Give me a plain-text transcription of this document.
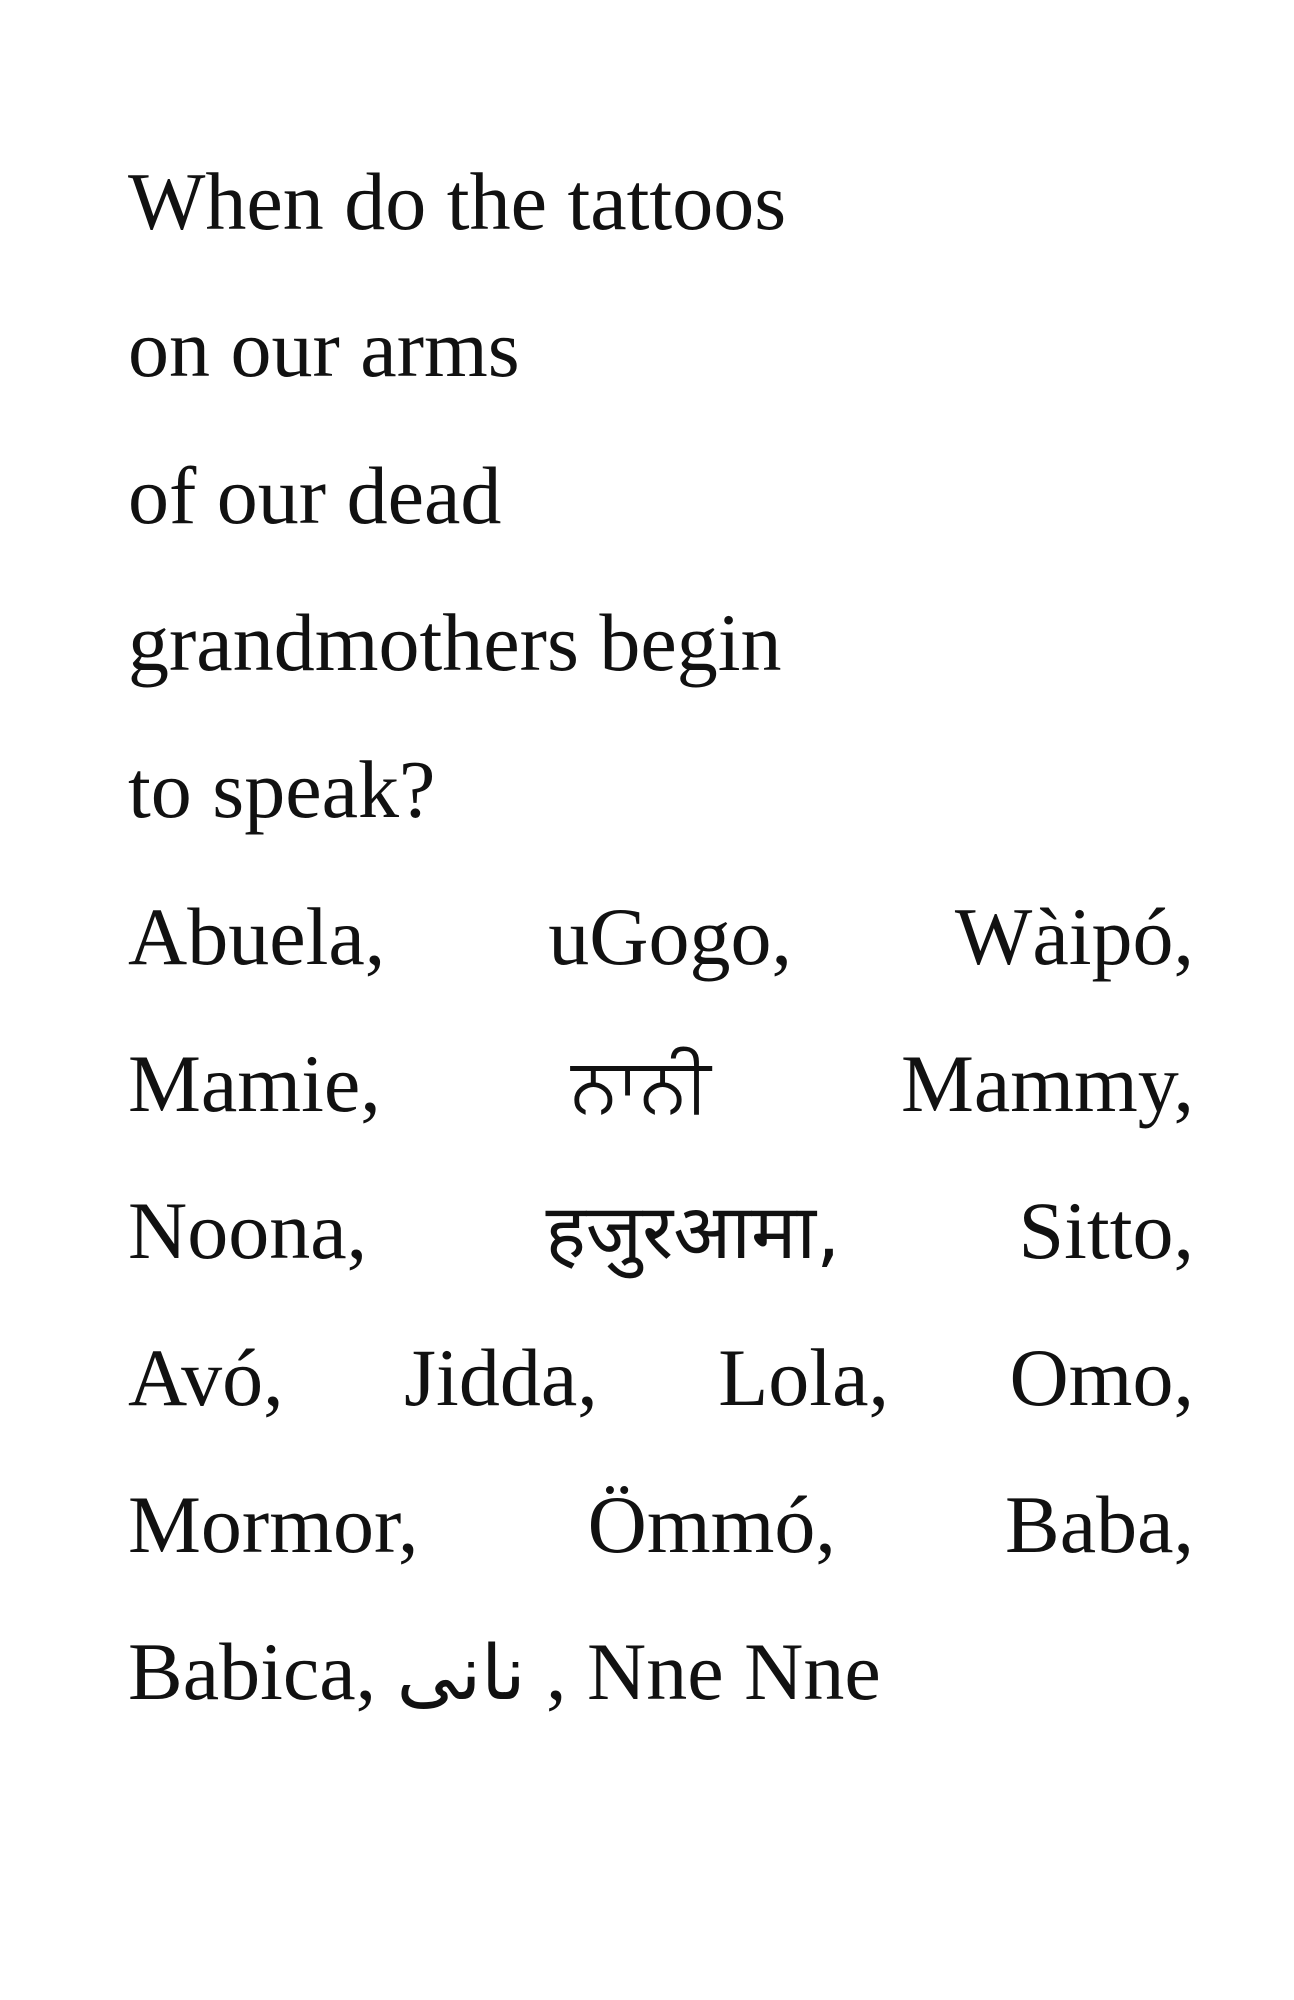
When do the tattoos
on our arms
of our dead
grandmothers begin
to speak?
Abuela, uGogo, Wàipó,
Mamie,	ਨਾਨੀ Mammy,
Noona, हजुरआमा, Sitto,
Avó, Jidda, Lola, Omo,
Mormor, Ömmó, Baba,
Babica, نانی , Nne Nne
